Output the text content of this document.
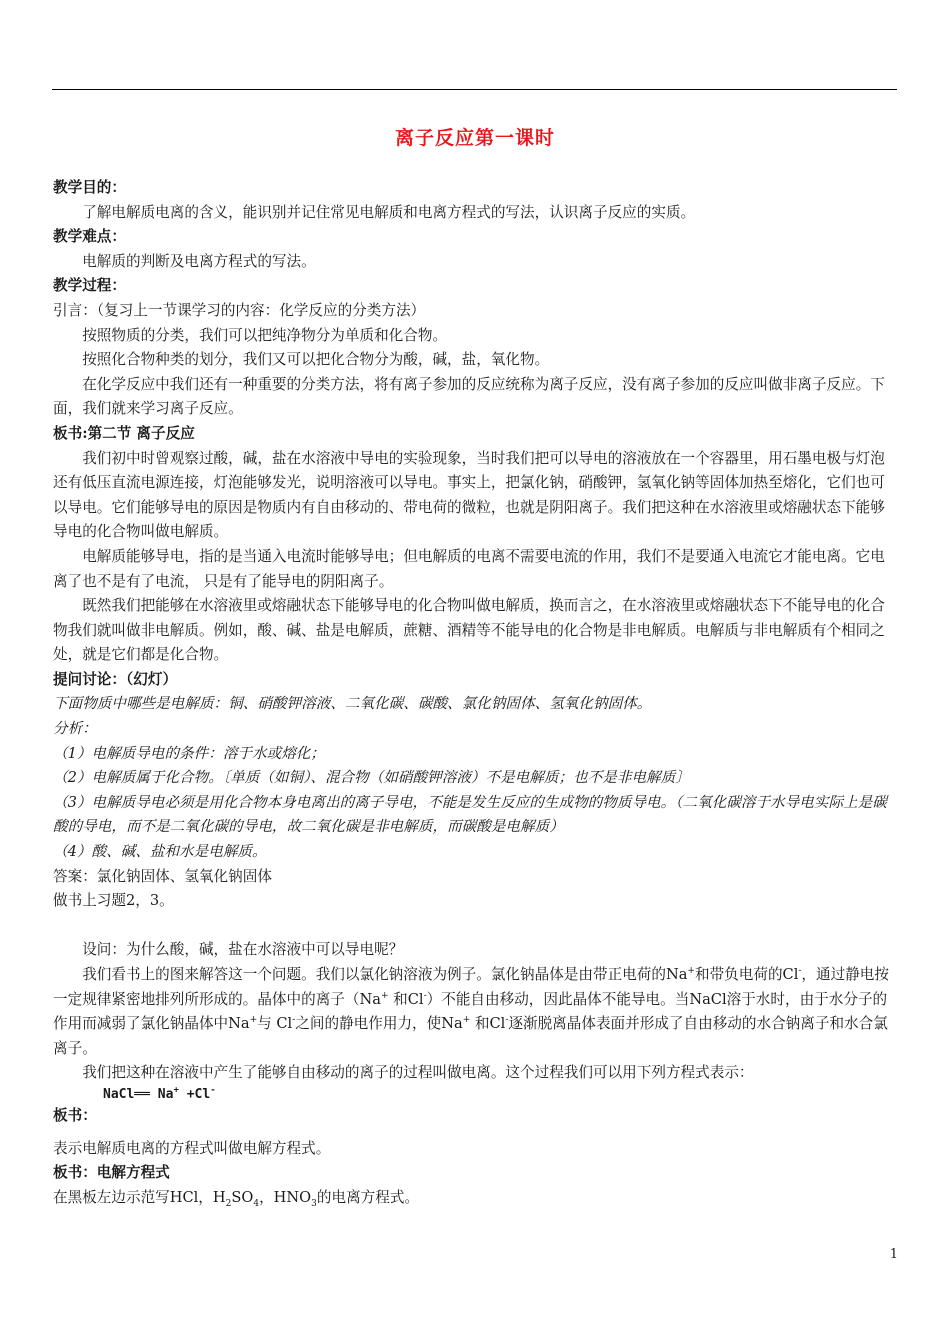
离子反应第一课时

教学目的：

了解电解质电离的含义，能识别并记住常见电解质和电离方程式的写法，认识离子反应的实质。

教学难点：

电解质的判断及电离方程式的写法。

教学过程：

引言：（复习上一节课学习的内容：化学反应的分类方法）

按照物质的分类，我们可以把纯净物分为单质和化合物。

按照化合物种类的划分，我们又可以把化合物分为酸，碱，盐，氧化物。

在化学反应中我们还有一种重要的分类方法，将有离子参加的反应统称为离子反应，没有离子参加的反应叫做非离子反应。下面，我们就来学习离子反应。

板书:第二节 离子反应

我们初中时曾观察过酸，碱，盐在水溶液中导电的实验现象，当时我们把可以导电的溶液放在一个容器里，用石墨电极与灯泡还有低压直流电源连接，灯泡能够发光，说明溶液可以导电。事实上，把氯化钠，硝酸钾，氢氧化钠等固体加热至熔化，它们也可以导电。它们能够导电的原因是物质内有自由移动的、带电荷的微粒，也就是阴阳离子。我们把这种在水溶液里或熔融状态下能够导电的化合物叫做电解质。

电解质能够导电，指的是当通入电流时能够导电；但电解质的电离不需要电流的作用，我们不是要通入电流它才能电离。它电离了也不是有了电流， 只是有了能导电的阴阳离子。

既然我们把能够在水溶液里或熔融状态下能够导电的化合物叫做电解质，换而言之，在水溶液里或熔融状态下不能导电的化合物我们就叫做非电解质。例如，酸、碱、盐是电解质，蔗糖、酒精等不能导电的化合物是非电解质。电解质与非电解质有个相同之处，就是它们都是化合物。

提问讨论：（幻灯）

下面物质中哪些是电解质：铜、硝酸钾溶液、二氧化碳、碳酸、氯化钠固体、氢氧化钠固体。

分析：

（1）电解质导电的条件：溶于水或熔化；

（2）电解质属于化合物。〔单质（如铜）、混合物（如硝酸钾溶液）不是电解质；也不是非电解质〕

（3）电解质导电必须是用化合物本身电离出的离子导电，不能是发生反应的生成物的物质导电。（二氧化碳溶于水导电实际上是碳酸的导电，而不是二氧化碳的导电，故二氧化碳是非电解质，而碳酸是电解质）

（4）酸、碱、盐和水是电解质。

答案：氯化钠固体、氢氧化钠固体

做书上习题2，3。

设问：为什么酸，碱，盐在水溶液中可以导电呢？

我们看书上的图来解答这一个问题。我们以氯化钠溶液为例子。氯化钠晶体是由带正电荷的Na+和带负电荷的Cl-，通过静电按一定规律紧密地排列所形成的。晶体中的离子（Na+ 和Cl-）不能自由移动，因此晶体不能导电。当NaCl溶于水时，由于水分子的作用而减弱了氯化钠晶体中Na+与 Cl-之间的静电作用力，使Na+ 和Cl-逐渐脱离晶体表面并形成了自由移动的水合钠离子和水合氯离子。

我们把这种在溶液中产生了能够自由移动的离子的过程叫做电离。这个过程我们可以用下列方程式表示：

NaCl══ Na+ +Cl-

板书：

表示电解质电离的方程式叫做电解方程式。

板书：电解方程式

在黑板左边示范写HCl，$H_2SO_4$，$HNO_3$的电离方程式。

1
